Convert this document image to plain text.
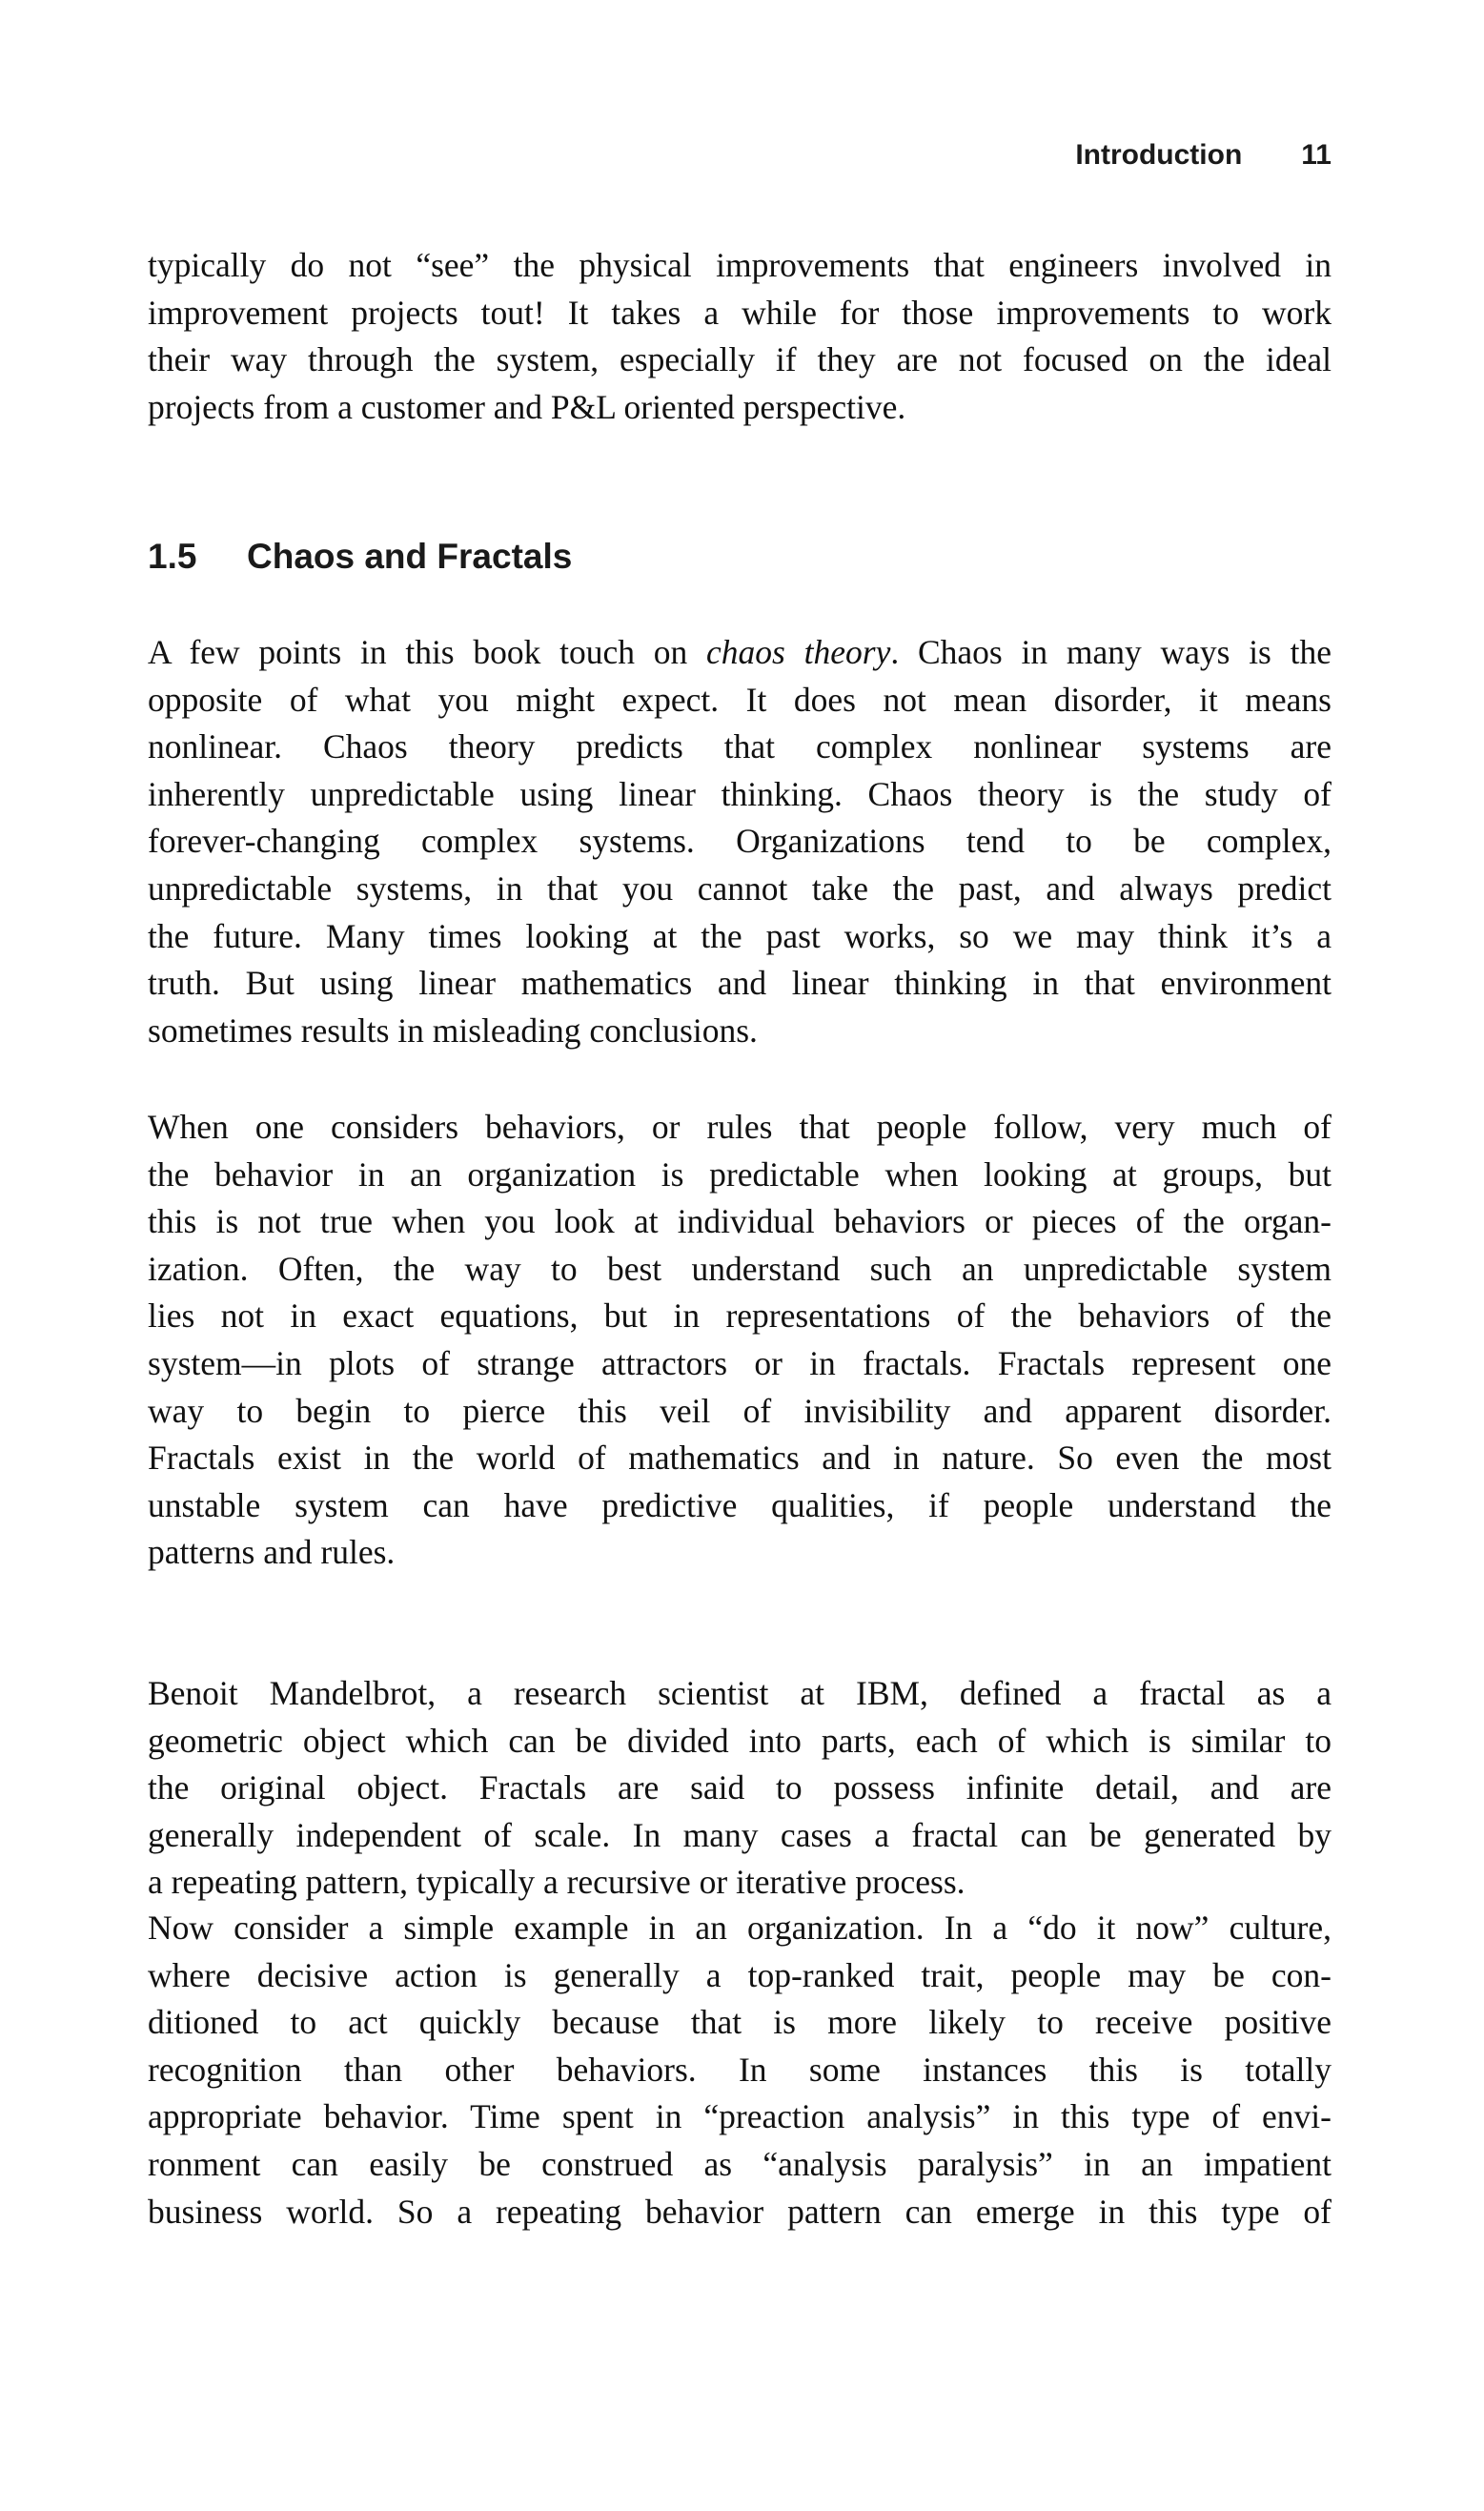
Introduction 11
typically do not “see” the physical improvements that engineers involved in
improvement projects tout! It takes a while for those improvements to work
their way through the system, especially if they are not focused on the ideal
projects from a customer and P&L oriented perspective.
1.5 Chaos and Fractals
A few points in this book touch on chaos theory. Chaos in many ways is the
opposite of what you might expect. It does not mean disorder, it means
nonlinear. Chaos theory predicts that complex nonlinear systems are
inherently unpredictable using linear thinking. Chaos theory is the study of
forever-changing complex systems. Organizations tend to be complex,
unpredictable systems, in that you cannot take the past, and always predict
the future. Many times looking at the past works, so we may think it’s a
truth. But using linear mathematics and linear thinking in that environment
sometimes results in misleading conclusions.
When one considers behaviors, or rules that people follow, very much of
the behavior in an organization is predictable when looking at groups, but
this is not true when you look at individual behaviors or pieces of the organ-
ization. Often, the way to best understand such an unpredictable system
lies not in exact equations, but in representations of the behaviors of the
system—in plots of strange attractors or in fractals. Fractals represent one
way to begin to pierce this veil of invisibility and apparent disorder.
Fractals exist in the world of mathematics and in nature. So even the most
unstable system can have predictive qualities, if people understand the
patterns and rules.
Benoit Mandelbrot, a research scientist at IBM, defined a fractal as a
geometric object which can be divided into parts, each of which is similar to
the original object. Fractals are said to possess infinite detail, and are
generally independent of scale. In many cases a fractal can be generated by
a repeating pattern, typically a recursive or iterative process.
Now consider a simple example in an organization. In a “do it now” culture,
where decisive action is generally a top-ranked trait, people may be con-
ditioned to act quickly because that is more likely to receive positive
recognition than other behaviors. In some instances this is totally
appropriate behavior. Time spent in “preaction analysis” in this type of envi-
ronment can easily be construed as “analysis paralysis” in an impatient
business world. So a repeating behavior pattern can emerge in this type of
